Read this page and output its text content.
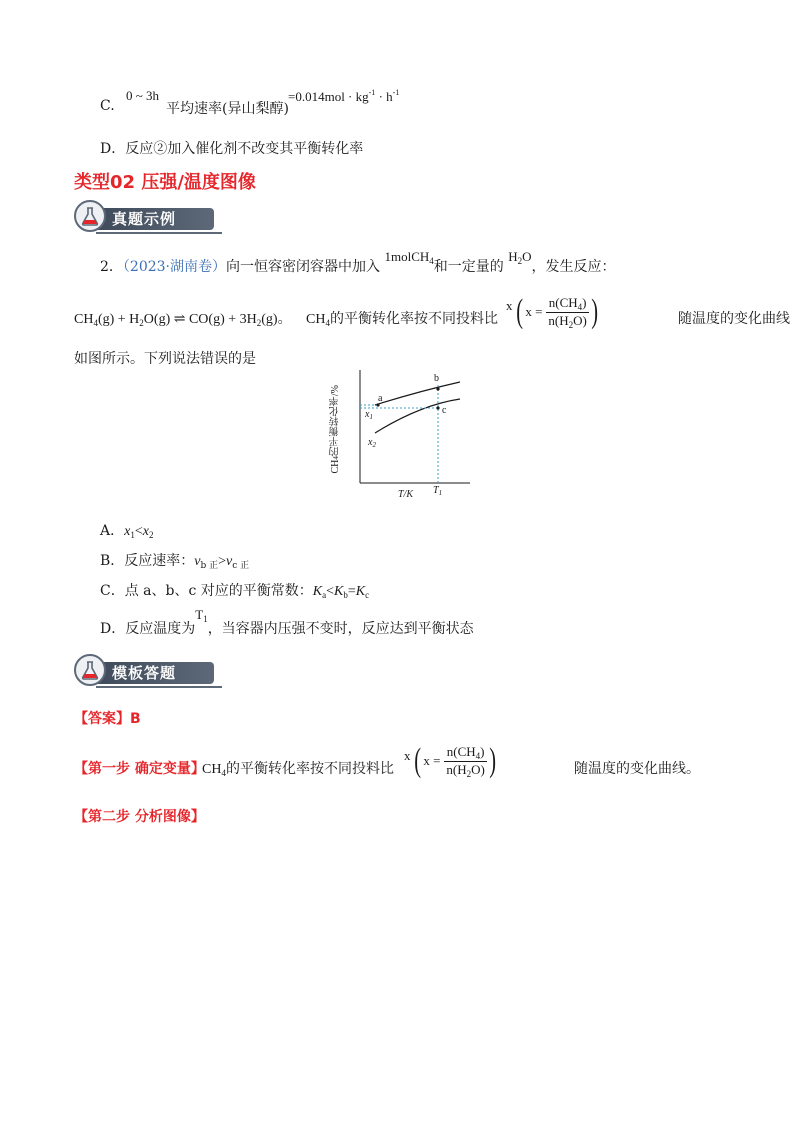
C.
0 ~ 3h
平均速率(异山梨醇)
$=0.014mol \cdot kg^{-1} \cdot h^{-1}$
D．反应②加入催化剂不改变其平衡转化率
类型02 压强/温度图像
真题示例
2．（2023·湖南卷）向一恒容密闭容器中加入 1molCH$_4$和一定量的 $H_2O$，发生反应：
$CH_4(g) + H_2O(g)$ ⇌ $CO(g) + 3H_2(g)$。 $CH_4$的平衡转化率按不同投料比
x ( $x = \frac{n(CH_4)}{n(H_2O)}$ )	随温度的变化曲线
如图所示。下列说法错误的是
CH4的平衡转化率/%	a
b
c
$x_1$
$x_2$
T/K $T_1$
A．$x_1<x_2$
B．反应速率：$v_{b 正}>v_{c 正}$
C．点 a、b、c 对应的平衡常数：$K_a<K_b=K_c$
D．反应温度为$T_1$，当容器内压强不变时，反应达到平衡状态
模板答题
【答案】B
【第一步 确定变量】
$CH_4$的平衡转化率按不同投料比
x ( $x = \frac{n(CH_4)}{n(H_2O)}$ )	随温度的变化曲线。
【第二步 分析图像】
